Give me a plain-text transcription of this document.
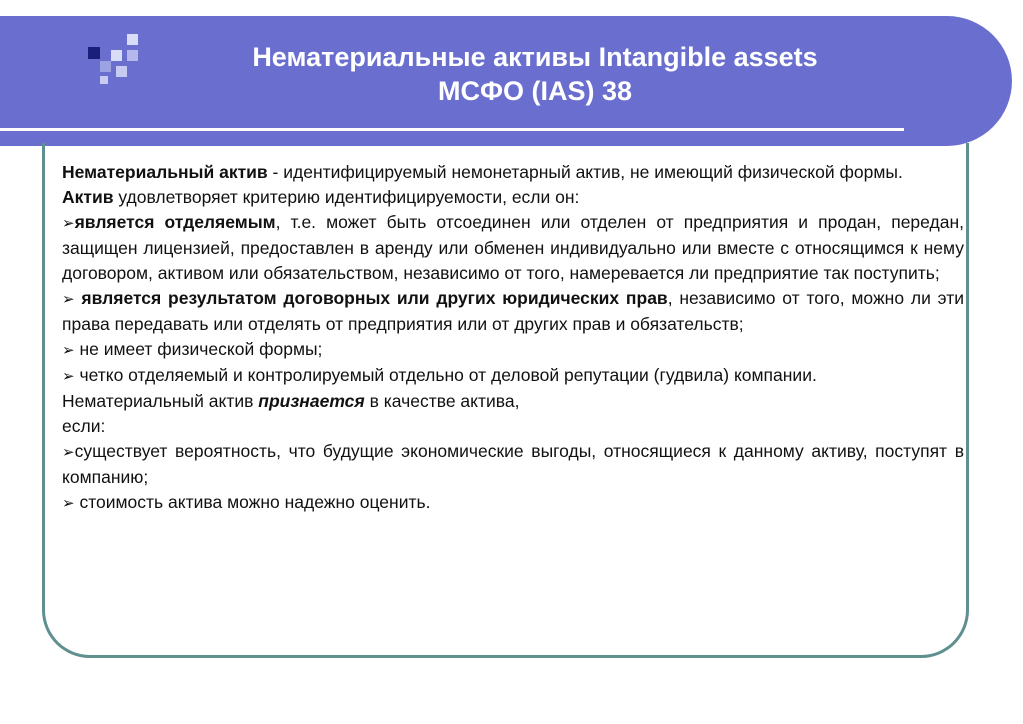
Нематериальные активы Intangible assets
МСФО (IAS) 38

Нематериальный актив - идентифицируемый немонетарный актив, не имеющий физической формы.

Актив удовлетворяет критерию идентифицируемости, если он:

➢является отделяемым, т.е. может быть отсоединен или отделен от предприятия и продан, передан, защищен лицензией, предоставлен в аренду или обменен индивидуально или вместе с относящимся к нему договором, активом или обязательством, независимо от того, намеревается ли предприятие так поступить;

➢ является результатом договорных или других юридических прав, независимо от того, можно ли эти права передавать или отделять от предприятия или от других прав и обязательств;

➢ не имеет физической формы;

➢ четко отделяемый и контролируемый отдельно от деловой репутации (гудвила) компании.

Нематериальный актив признается в качестве актива,

если:

➢существует вероятность, что будущие экономические выгоды, относящиеся к данному активу, поступят в компанию;

➢ стоимость актива можно надежно оценить.
